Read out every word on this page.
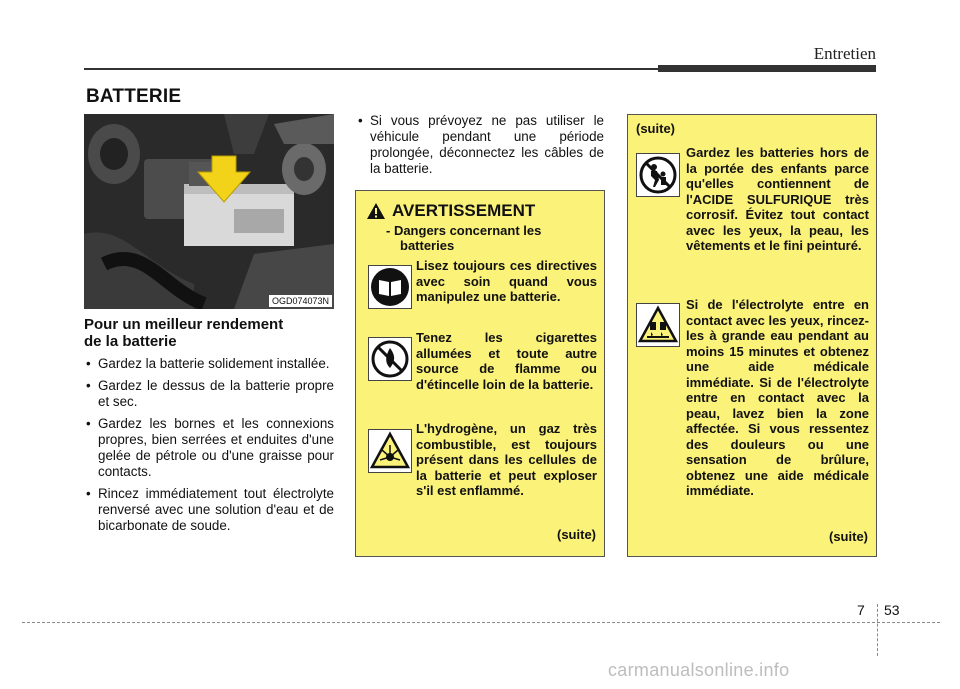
Entretien
BATTERIE
OGD074073N
Pour un meilleur rendement
de la batterie
• Gardez la batterie solidement installée.
• Gardez le dessus de la batterie propre et sec.
• Gardez les bornes et les connexions propres, bien serrées et enduites d'une gelée de pétrole ou d'une graisse pour contacts.
• Rincez immédiatement tout électrolyte renversé avec une solution d'eau et de bicarbonate de soude.
• Si vous prévoyez ne pas utiliser le véhicule pendant une période prolongée, déconnectez les câbles de la batterie.
AVERTISSEMENT
- Dangers concernant les
batteries
Lisez toujours ces directives avec soin quand vous manipulez une batterie.
Tenez les cigarettes allumées et toute autre source de flamme ou d'étincelle loin de la batterie.
L'hydrogène, un gaz très combustible, est toujours présent dans les cellules de la batterie et peut exploser s'il est enflammé.
(suite)
(suite)
Gardez les batteries hors de la portée des enfants parce qu'elles contiennent de l'ACIDE SULFURIQUE très corrosif. Évitez tout contact avec les yeux, la peau, les vêtements et le fini peinturé.
Si de l'électrolyte entre en contact avec les yeux, rincez-les à grande eau pendant au moins 15 minutes et obtenez une aide médicale immédiate. Si de l'électrolyte entre en contact avec la peau, lavez bien la zone affectée. Si vous ressentez des douleurs ou une sensation de brûlure, obtenez une aide médicale immédiate.
(suite)
7 53
carmanualsonline.info
